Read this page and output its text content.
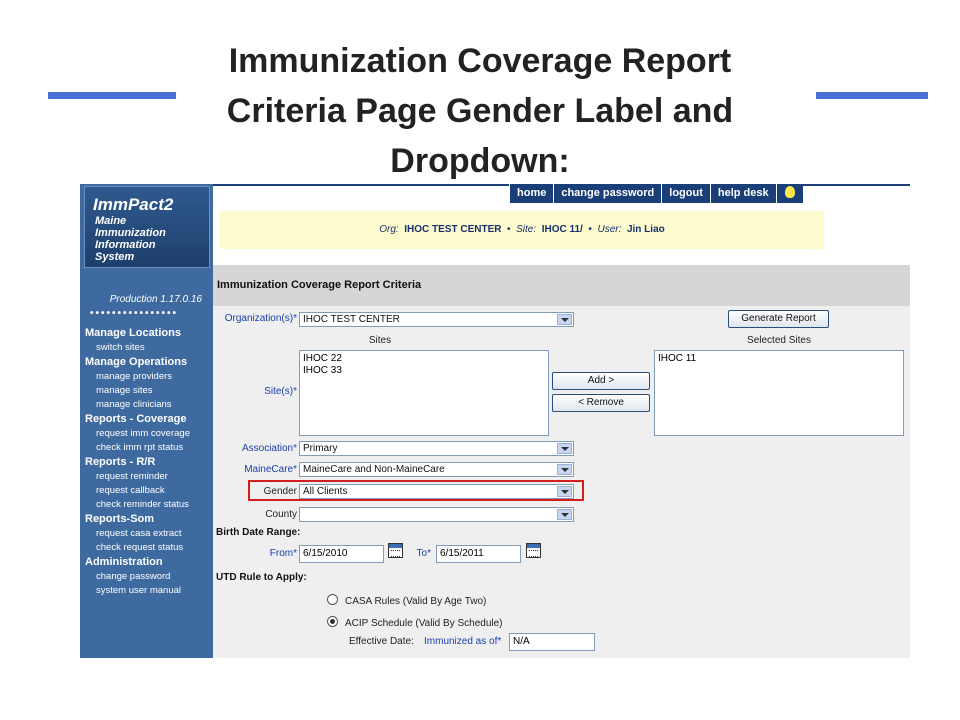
Immunization Coverage Report Criteria Page Gender Label and Dropdown:
ImmPact2
Maine
Immunization
Information
System
Production 1.17.0.16
••••••••••••••••
Manage Locations
switch sites
Manage Operations
manage providers
manage sites
manage clinicians
Reports - Coverage
request imm coverage
check imm rpt status
Reports - R/R
request reminder
request callback
check reminder status
Reports-Som
request casa extract
check request status
Administration
change password
system user manual
home	change password	logout	help desk
Org: IHOC TEST CENTER • Site: IHOC 11/ • User: Jin Liao
Immunization Coverage Report Criteria
Organization(s)* IHOC TEST CENTER	Generate Report
Sites	Selected Sites
Site(s)*
IHOC 22
IHOC 33
Add >
< Remove
IHOC 11
Association* Primary
MaineCare* MaineCare and Non-MaineCare
Gender All Clients
County
Birth Date Range:
From* 6/15/2010	To* 6/15/2011
UTD Rule to Apply:
CASA Rules (Valid By Age Two)
ACIP Schedule (Valid By Schedule)
Effective Date: Immunized as of*	N/A
